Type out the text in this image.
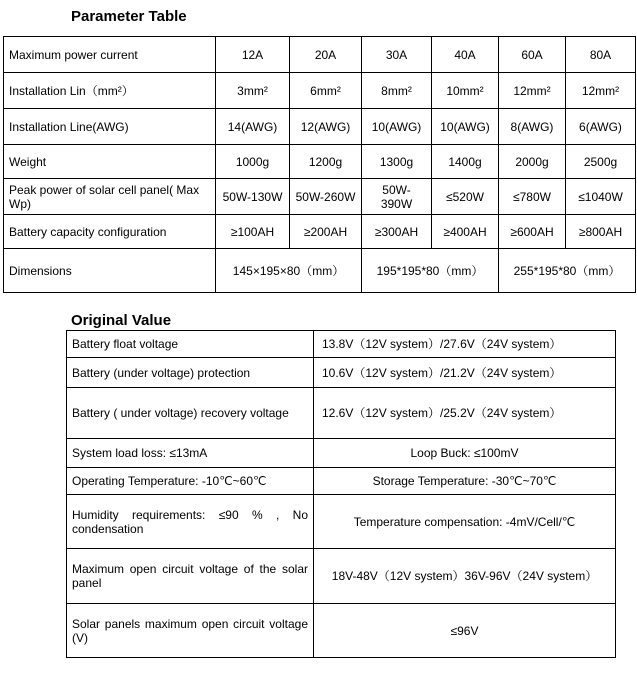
Parameter Table
Maximum power current	12A	20A	30A	40A	60A	80A
Installation Lin（mm²）	3mm²	6mm²	8mm²	10mm²	12mm²	12mm²
Installation Line(AWG)	14(AWG)	12(AWG)	10(AWG)	10(AWG)	8(AWG)	6(AWG)
Weight	1000g	1200g	1300g	1400g	2000g	2500g
Peak power of solar cell panel( Max Wp)	50W-130W	50W-260W	50W-390W	≤520W	≤780W	≤1040W
Battery capacity configuration	≥100AH	≥200AH	≥300AH	≥400AH	≥600AH	≥800AH
Dimensions	145×195×80（mm）		195*195*80（mm）		255*195*80（mm）	
Original Value
Battery float voltage	13.8V（12V system）/27.6V（24V system）
Battery (under voltage) protection	10.6V（12V system）/21.2V（24V system）
Battery ( under voltage) recovery voltage	12.6V（12V system）/25.2V（24V system）
System load loss: ≤13mA	Loop Buck: ≤100mV
Operating Temperature: -10℃~60℃	Storage Temperature: -30℃~70℃
Humidity requirements: ≤90 % , No condensation	Temperature compensation: -4mV/Cell/℃
Maximum open circuit voltage of the solar panel	18V-48V（12V system）36V-96V（24V system）
Solar panels maximum open circuit voltage (V)	≤96V
